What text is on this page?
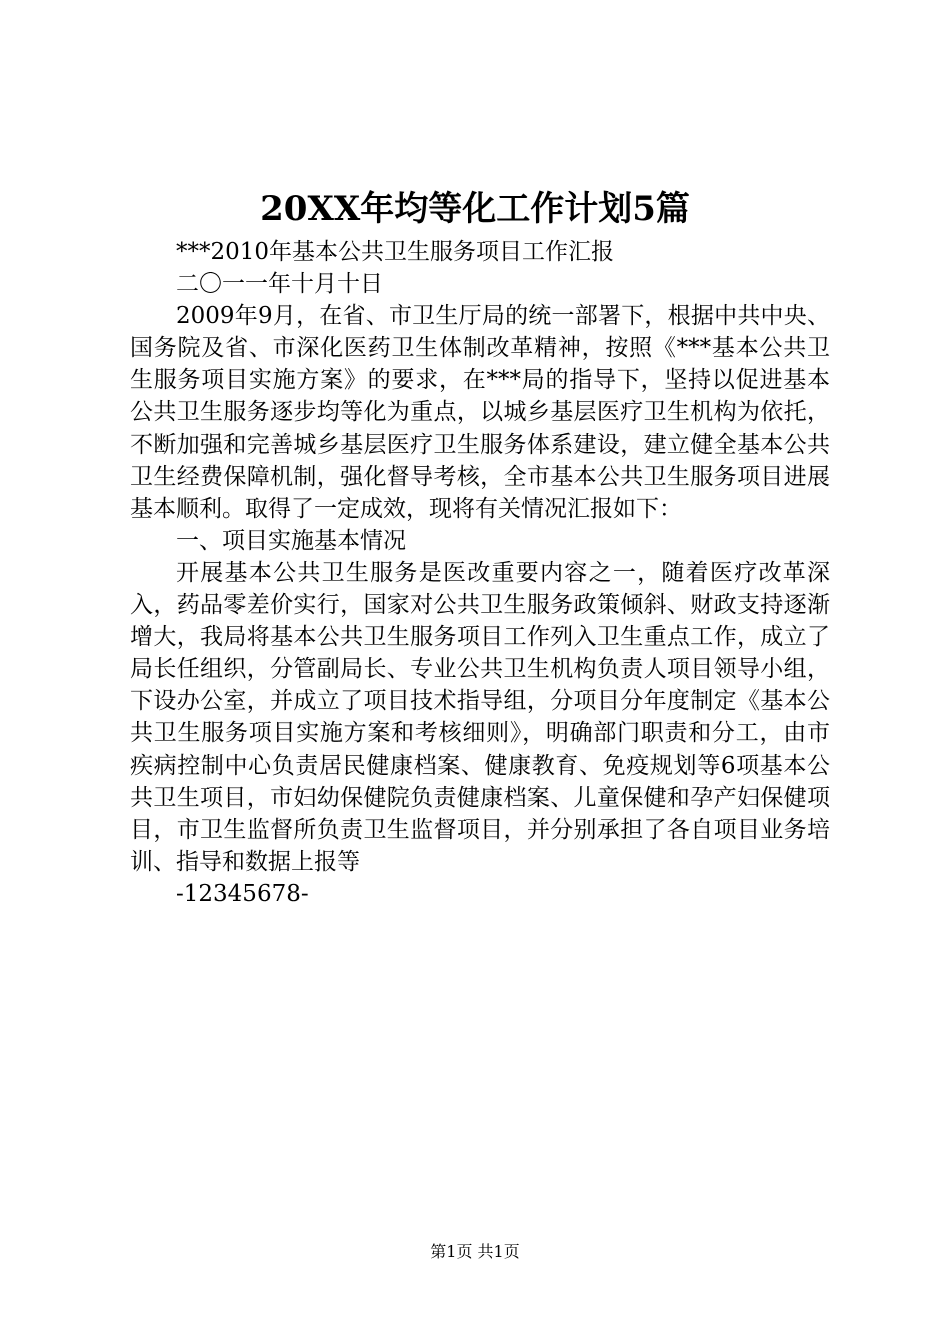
20XX年均等化工作计划5篇

***2010年基本公共卫生服务项目工作汇报

二〇一一年十月十日

2009年9月，在省、市卫生厅局的统一部署下，根据中共中央、国务院及省、市深化医药卫生体制改革精神，按照《***基本公共卫生服务项目实施方案》的要求，在***局的指导下，坚持以促进基本公共卫生服务逐步均等化为重点，以城乡基层医疗卫生机构为依托，不断加强和完善城乡基层医疗卫生服务体系建设，建立健全基本公共卫生经费保障机制，强化督导考核，全市基本公共卫生服务项目进展基本顺利。取得了一定成效，现将有关情况汇报如下：

一、项目实施基本情况

开展基本公共卫生服务是医改重要内容之一，随着医疗改革深入，药品零差价实行，国家对公共卫生服务政策倾斜、财政支持逐渐增大，我局将基本公共卫生服务项目工作列入卫生重点工作，成立了局长任组织，分管副局长、专业公共卫生机构负责人项目领导小组，下设办公室，并成立了项目技术指导组，分项目分年度制定《基本公共卫生服务项目实施方案和考核细则》，明确部门职责和分工，由市疾病控制中心负责居民健康档案、健康教育、免疫规划等6项基本公共卫生项目，市妇幼保健院负责健康档案、儿童保健和孕产妇保健项目，市卫生监督所负责卫生监督项目，并分别承担了各自项目业务培训、指导和数据上报等

-12345678-

第1页 共1页
